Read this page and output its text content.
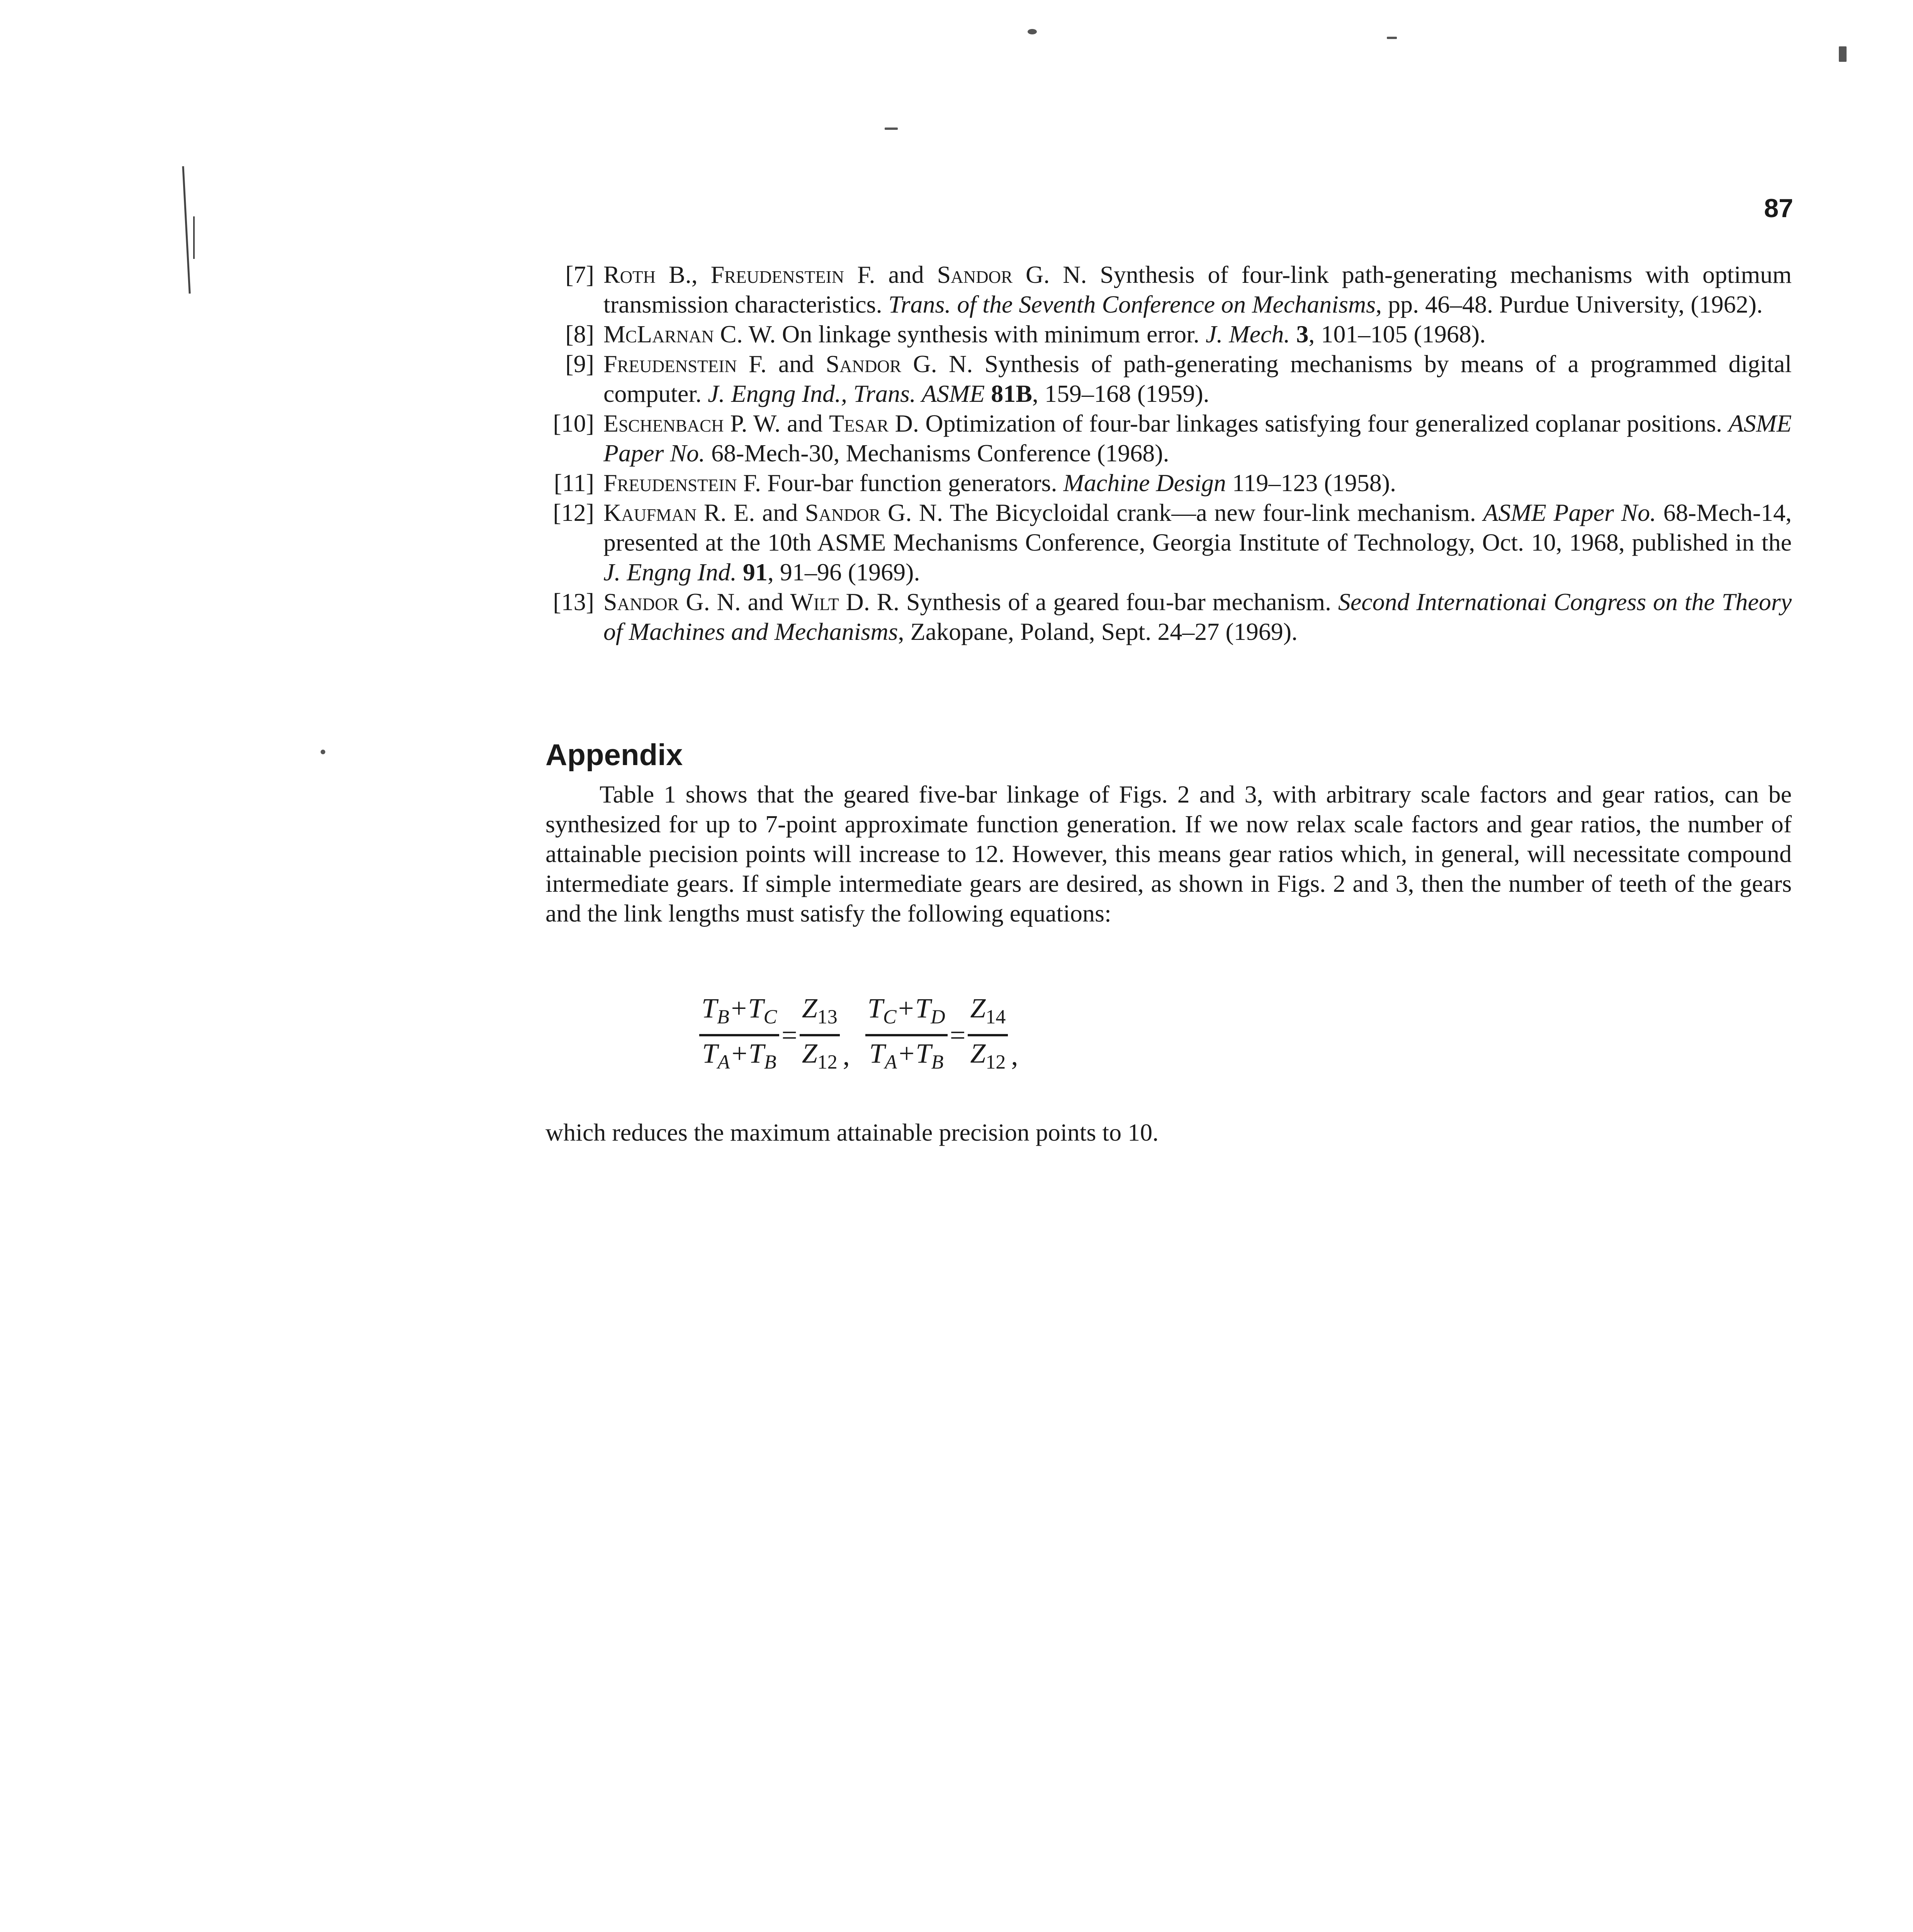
87

[7] Roth B., Freudenstein F. and Sandor G. N. Synthesis of four-link path-generating mechanisms with optimum transmission characteristics. Trans. of the Seventh Conference on Mechanisms, pp. 46–48. Purdue University, (1962).

[8] McLarnan C. W. On linkage synthesis with minimum error. J. Mech. 3, 101–105 (1968).

[9] Freudenstein F. and Sandor G. N. Synthesis of path-generating mechanisms by means of a programmed digital computer. J. Engng Ind., Trans. ASME 81B, 159–168 (1959).

[10] Eschenbach P. W. and Tesar D. Optimization of four-bar linkages satisfying four generalized coplanar positions. ASME Paper No. 68-Mech-30, Mechanisms Conference (1968).

[11] Freudenstein F. Four-bar function generators. Machine Design 119–123 (1958).

[12] Kaufman R. E. and Sandor G. N. The Bicycloidal crank—a new four-link mechanism. ASME Paper No. 68-Mech-14, presented at the 10th ASME Mechanisms Conference, Georgia Institute of Technology, Oct. 10, 1968, published in the J. Engng Ind. 91, 91–96 (1969).

[13] Sandor G. N. and Wilt D. R. Synthesis of a geared fouı-bar mechanism. Second Internationai Congress on the Theory of Machines and Mechanisms, Zakopane, Poland, Sept. 24–27 (1969).

Appendix

Table 1 shows that the geared five-bar linkage of Figs. 2 and 3, with arbitrary scale factors and gear ratios, can be synthesized for up to 7-point approximate function generation. If we now relax scale factors and gear ratios, the number of attainable pıecision points will increase to 12. However, this means gear ratios which, in general, will necessitate compound intermediate gears. If simple intermediate gears are desired, as shown in Figs. 2 and 3, then the number of teeth of the gears and the link lengths must satisfy the following equations:

$\frac{T_B+T_C}{T_A+T_B} = \frac{Z_{13}}{Z_{12}}$ , $\frac{T_C+T_D}{T_A+T_B} = \frac{Z_{14}}{Z_{12}}$ ,

which reduces the maximum attainable precision points to 10.
